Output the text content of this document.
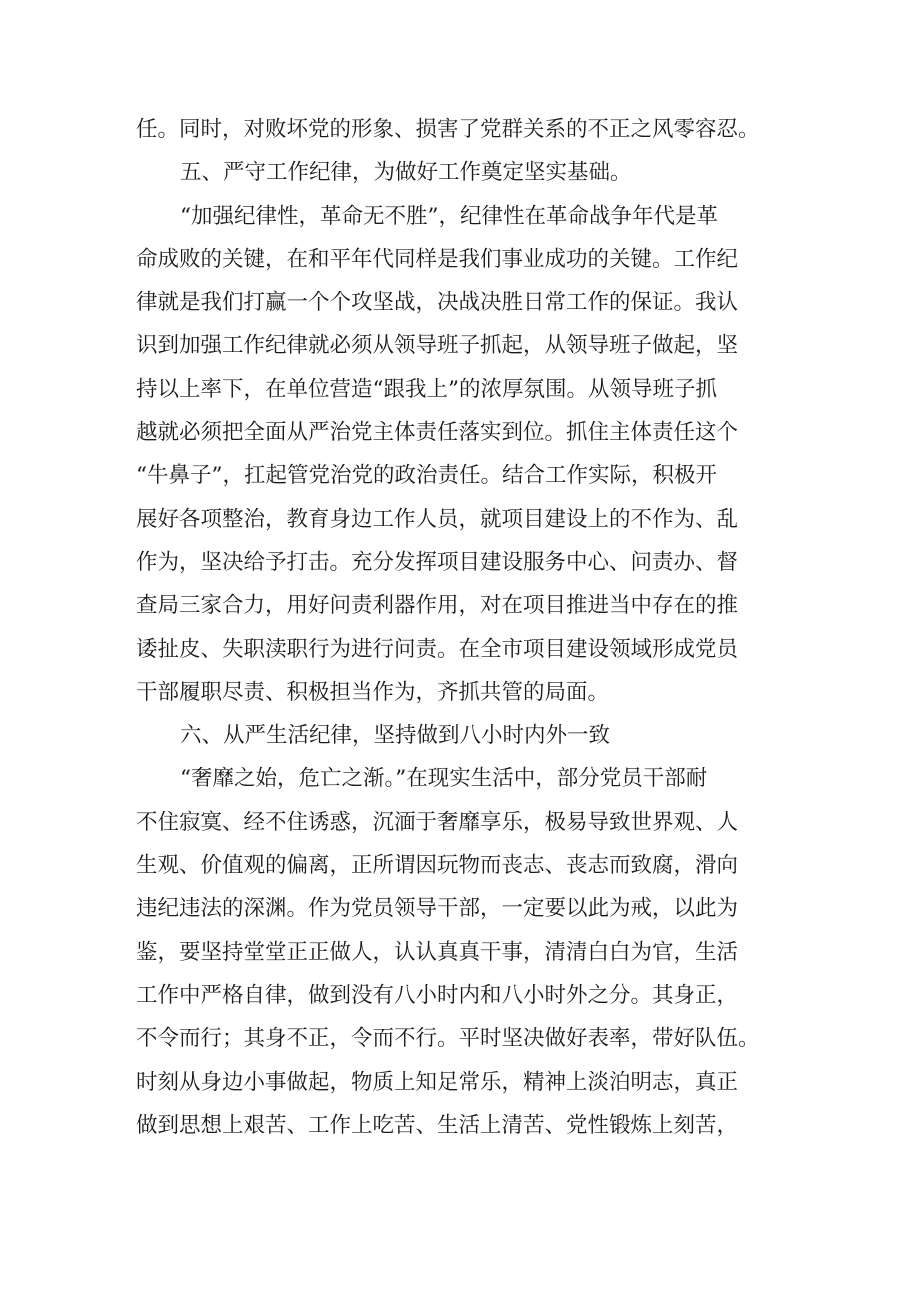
任。同时，对败坏党的形象、损害了党群关系的不正之风零容忍。
五、严守工作纪律，为做好工作奠定坚实基础。
“加强纪律性，革命无不胜”，纪律性在革命战争年代是革
命成败的关键，在和平年代同样是我们事业成功的关键。工作纪
律就是我们打赢一个个攻坚战，决战决胜日常工作的保证。我认
识到加强工作纪律就必须从领导班子抓起，从领导班子做起，坚
持以上率下，在单位营造“跟我上”的浓厚氛围。从领导班子抓
越就必须把全面从严治党主体责任落实到位。抓住主体责任这个
“牛鼻子”，扛起管党治党的政治责任。结合工作实际，积极开
展好各项整治，教育身边工作人员，就项目建设上的不作为、乱
作为，坚决给予打击。充分发挥项目建设服务中心、问责办、督
查局三家合力，用好问责利器作用，对在项目推进当中存在的推
诿扯皮、失职渎职行为进行问责。在全市项目建设领域形成党员
干部履职尽责、积极担当作为，齐抓共管的局面。
六、从严生活纪律，坚持做到八小时内外一致
“奢靡之始，危亡之渐。”在现实生活中，部分党员干部耐
不住寂寞、经不住诱惑，沉湎于奢靡享乐，极易导致世界观、人
生观、价值观的偏离，正所谓因玩物而丧志、丧志而致腐，滑向
违纪违法的深渊。作为党员领导干部，一定要以此为戒，以此为
鉴，要坚持堂堂正正做人，认认真真干事，清清白白为官，生活
工作中严格自律，做到没有八小时内和八小时外之分。其身正，
不令而行；其身不正，令而不行。平时坚决做好表率，带好队伍。
时刻从身边小事做起，物质上知足常乐，精神上淡泊明志，真正
做到思想上艰苦、工作上吃苦、生活上清苦、党性锻炼上刻苦，
